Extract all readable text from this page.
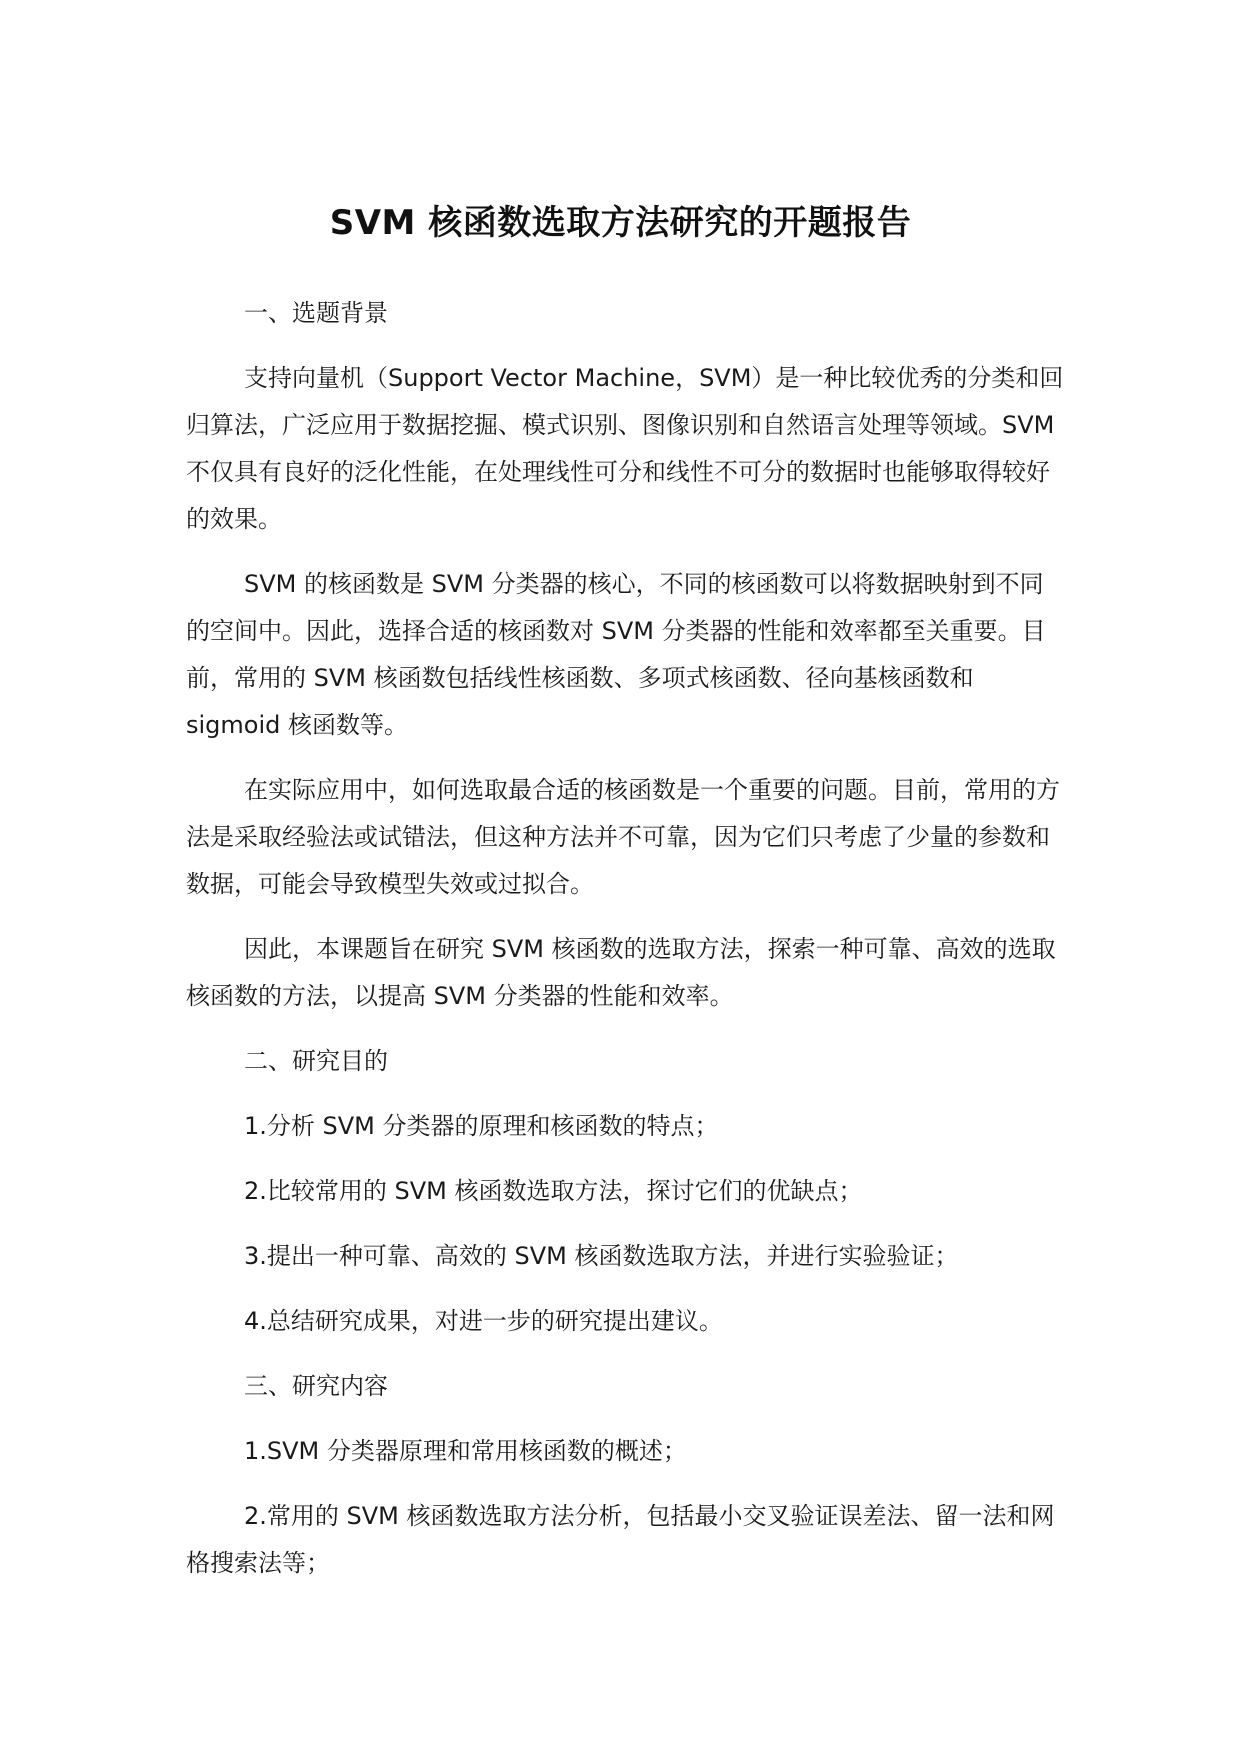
SVM 核函数选取方法研究的开题报告

一、选题背景

支持向量机（Support Vector Machine，SVM）是一种比较优秀的分类和回归算法，广泛应用于数据挖掘、模式识别、图像识别和自然语言处理等领域。SVM 不仅具有良好的泛化性能，在处理线性可分和线性不可分的数据时也能够取得较好的效果。

SVM 的核函数是 SVM 分类器的核心，不同的核函数可以将数据映射到不同的空间中。因此，选择合适的核函数对 SVM 分类器的性能和效率都至关重要。目前，常用的 SVM 核函数包括线性核函数、多项式核函数、径向基核函数和 sigmoid 核函数等。

在实际应用中，如何选取最合适的核函数是一个重要的问题。目前，常用的方法是采取经验法或试错法，但这种方法并不可靠，因为它们只考虑了少量的参数和数据，可能会导致模型失效或过拟合。

因此，本课题旨在研究 SVM 核函数的选取方法，探索一种可靠、高效的选取核函数的方法，以提高 SVM 分类器的性能和效率。

二、研究目的

1.分析 SVM 分类器的原理和核函数的特点；

2.比较常用的 SVM 核函数选取方法，探讨它们的优缺点；

3.提出一种可靠、高效的 SVM 核函数选取方法，并进行实验验证；

4.总结研究成果，对进一步的研究提出建议。

三、研究内容

1.SVM 分类器原理和常用核函数的概述；

2.常用的 SVM 核函数选取方法分析，包括最小交叉验证误差法、留一法和网格搜索法等；
